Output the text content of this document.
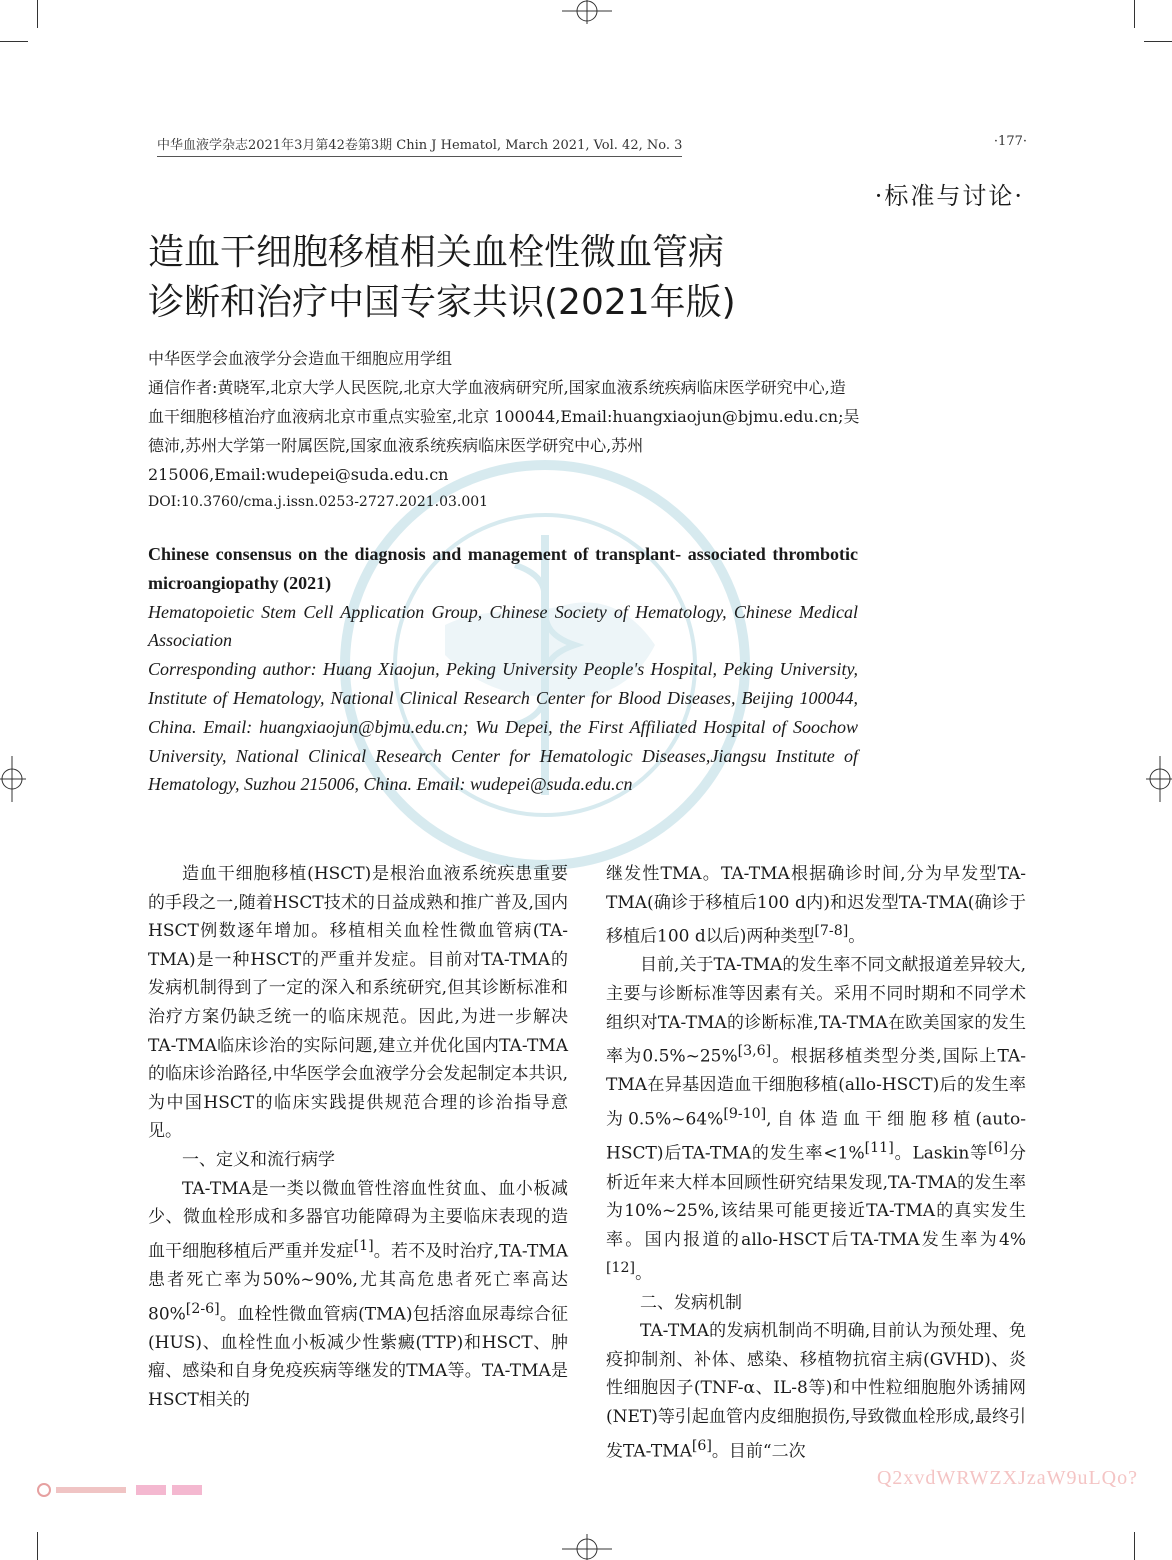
中华血液学杂志2021年3月第42卷第3期 Chin J Hematol, March 2021, Vol. 42, No. 3	·177·
·标准与讨论·
造血干细胞移植相关血栓性微血管病
诊断和治疗中国专家共识(2021年版)
中华医学会血液学分会造血干细胞应用学组
通信作者:黄晓军,北京大学人民医院,北京大学血液病研究所,国家血液系统疾病临床医学研究中心,造血干细胞移植治疗血液病北京市重点实验室,北京 100044,Email:huangxiaojun@bjmu.edu.cn;吴德沛,苏州大学第一附属医院,国家血液系统疾病临床医学研究中心,苏州 215006,Email:wudepei@suda.edu.cn
DOI:10.3760/cma.j.issn.0253-2727.2021.03.001

Chinese consensus on the diagnosis and management of transplant- associated thrombotic microangiopathy (2021)

Hematopoietic Stem Cell Application Group, Chinese Society of Hematology, Chinese Medical Association

Corresponding author: Huang Xiaojun, Peking University People's Hospital, Peking University, Institute of Hematology, National Clinical Research Center for Blood Diseases, Beijing 100044, China. Email: huangxiaojun@bjmu.edu.cn; Wu Depei, the First Affiliated Hospital of Soochow University, National Clinical Research Center for Hematologic Diseases,Jiangsu Institute of Hematology, Suzhou 215006, China. Email: wudepei@suda.edu.cn

造血干细胞移植(HSCT)是根治血液系统疾患重要的手段之一,随着HSCT技术的日益成熟和推广普及,国内HSCT例数逐年增加。移植相关血栓性微血管病(TA-TMA)是一种HSCT的严重并发症。目前对TA-TMA的发病机制得到了一定的深入和系统研究,但其诊断标准和治疗方案仍缺乏统一的临床规范。因此,为进一步解决TA-TMA临床诊治的实际问题,建立并优化国内TA-TMA的临床诊治路径,中华医学会血液学分会发起制定本共识,为中国HSCT的临床实践提供规范合理的诊治指导意见。

一、定义和流行病学

TA-TMA是一类以微血管性溶血性贫血、血小板减少、微血栓形成和多器官功能障碍为主要临床表现的造血干细胞移植后严重并发症[1]。若不及时治疗,TA-TMA患者死亡率为50%~90%,尤其高危患者死亡率高达80%[2-6]。血栓性微血管病(TMA)包括溶血尿毒综合征(HUS)、血栓性血小板减少性紫癜(TTP)和HSCT、肿瘤、感染和自身免疫疾病等继发的TMA等。TA-TMA是HSCT相关的

继发性TMA。TA-TMA根据确诊时间,分为早发型TA-TMA(确诊于移植后100 d内)和迟发型TA-TMA(确诊于移植后100 d以后)两种类型[7-8]。

目前,关于TA-TMA的发生率不同文献报道差异较大,主要与诊断标准等因素有关。采用不同时期和不同学术组织对TA-TMA的诊断标准,TA-TMA在欧美国家的发生率为0.5%~25%[3,6]。根据移植类型分类,国际上TA-TMA在异基因造血干细胞移植(allo-HSCT)后的发生率为0.5%~64%[9-10],自体造血干细胞移植(auto-HSCT)后TA-TMA的发生率<1%[11]。Laskin等[6]分析近年来大样本回顾性研究结果发现,TA-TMA的发生率为10%~25%,该结果可能更接近TA-TMA的真实发生率。国内报道的allo-HSCT后TA-TMA发生率为4%[12]。

二、发病机制

TA-TMA的发病机制尚不明确,目前认为预处理、免疫抑制剂、补体、感染、移植物抗宿主病(GVHD)、炎性细胞因子(TNF-α、IL-8等)和中性粒细胞胞外诱捕网(NET)等引起血管内皮细胞损伤,导致微血栓形成,最终引发TA-TMA[6]。目前“二次

Q2xvdWRWZXJzaW9uLQo?
